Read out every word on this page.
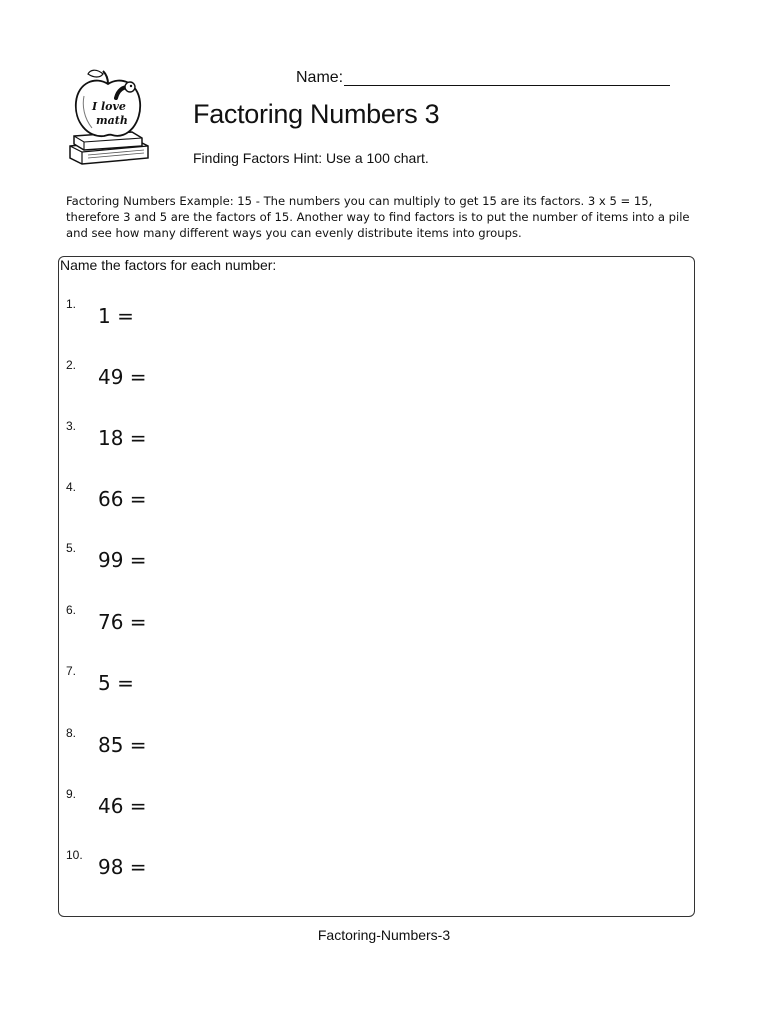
I love
math
Name:
Factoring Numbers 3
Finding Factors Hint: Use a 100 chart.
Factoring Numbers Example: 15 - The numbers you can multiply to get 15 are its factors. 3 x 5 = 15, therefore 3 and 5 are the factors of 15. Another way to find factors is to put the number of items into a pile and see how many different ways you can evenly distribute items into groups.
Name the factors for each number:
1. 1 =
2. 49 =
3. 18 =
4. 66 =
5. 99 =
6. 76 =
7. 5 =
8. 85 =
9. 46 =
10. 98 =
Factoring-Numbers-3
